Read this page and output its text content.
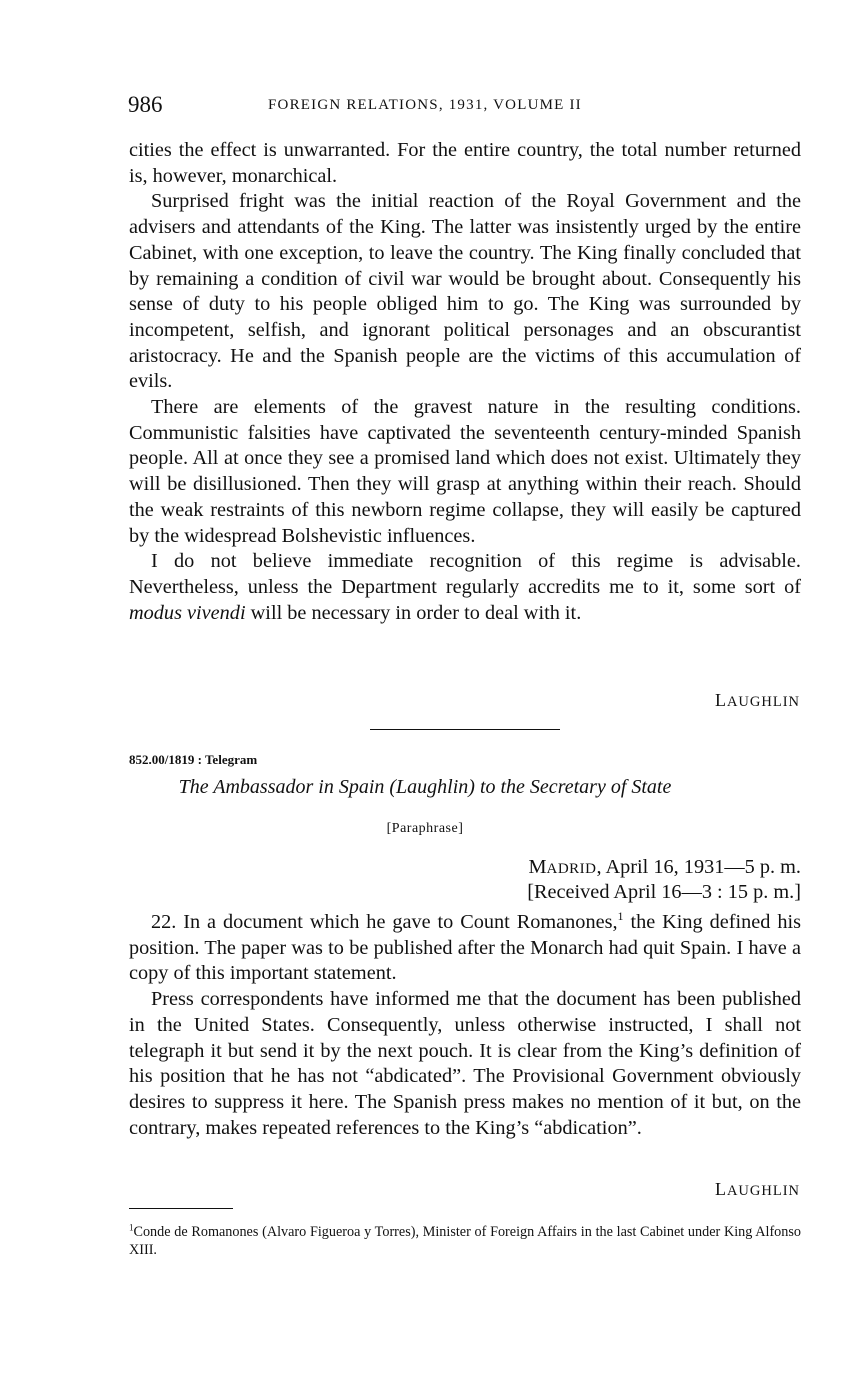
986	FOREIGN RELATIONS, 1931, VOLUME II

cities the effect is unwarranted. For the entire country, the total number returned is, however, monarchical.

Surprised fright was the initial reaction of the Royal Government and the advisers and attendants of the King. The latter was insistently urged by the entire Cabinet, with one exception, to leave the country. The King finally concluded that by remaining a condition of civil war would be brought about. Consequently his sense of duty to his people obliged him to go. The King was surrounded by incompetent, selfish, and ignorant political personages and an obscurantist aristocracy. He and the Spanish people are the victims of this accumulation of evils.

There are elements of the gravest nature in the resulting conditions. Communistic falsities have captivated the seventeenth century-minded Spanish people. All at once they see a promised land which does not exist. Ultimately they will be disillusioned. Then they will grasp at anything within their reach. Should the weak restraints of this newborn regime collapse, they will easily be captured by the widespread Bolshevistic influences.

I do not believe immediate recognition of this regime is advisable. Nevertheless, unless the Department regularly accredits me to it, some sort of modus vivendi will be necessary in order to deal with it.

LAUGHLIN
852.00/1819 : Telegram
The Ambassador in Spain (Laughlin) to the Secretary of State
[Paraphrase]
MADRID, April 16, 1931—5 p. m.
[Received April 16—3 : 15 p. m.]

22. In a document which he gave to Count Romanones,$^1$ the King defined his position. The paper was to be published after the Monarch had quit Spain. I have a copy of this important statement.

Press correspondents have informed me that the document has been published in the United States. Consequently, unless otherwise instructed, I shall not telegraph it but send it by the next pouch. It is clear from the King’s definition of his position that he has not “abdicated”. The Provisional Government obviously desires to suppress it here. The Spanish press makes no mention of it but, on the contrary, makes repeated references to the King’s “abdication”.

LAUGHLIN
$^1$Conde de Romanones (Alvaro Figueroa y Torres), Minister of Foreign Affairs in the last Cabinet under King Alfonso XIII.
